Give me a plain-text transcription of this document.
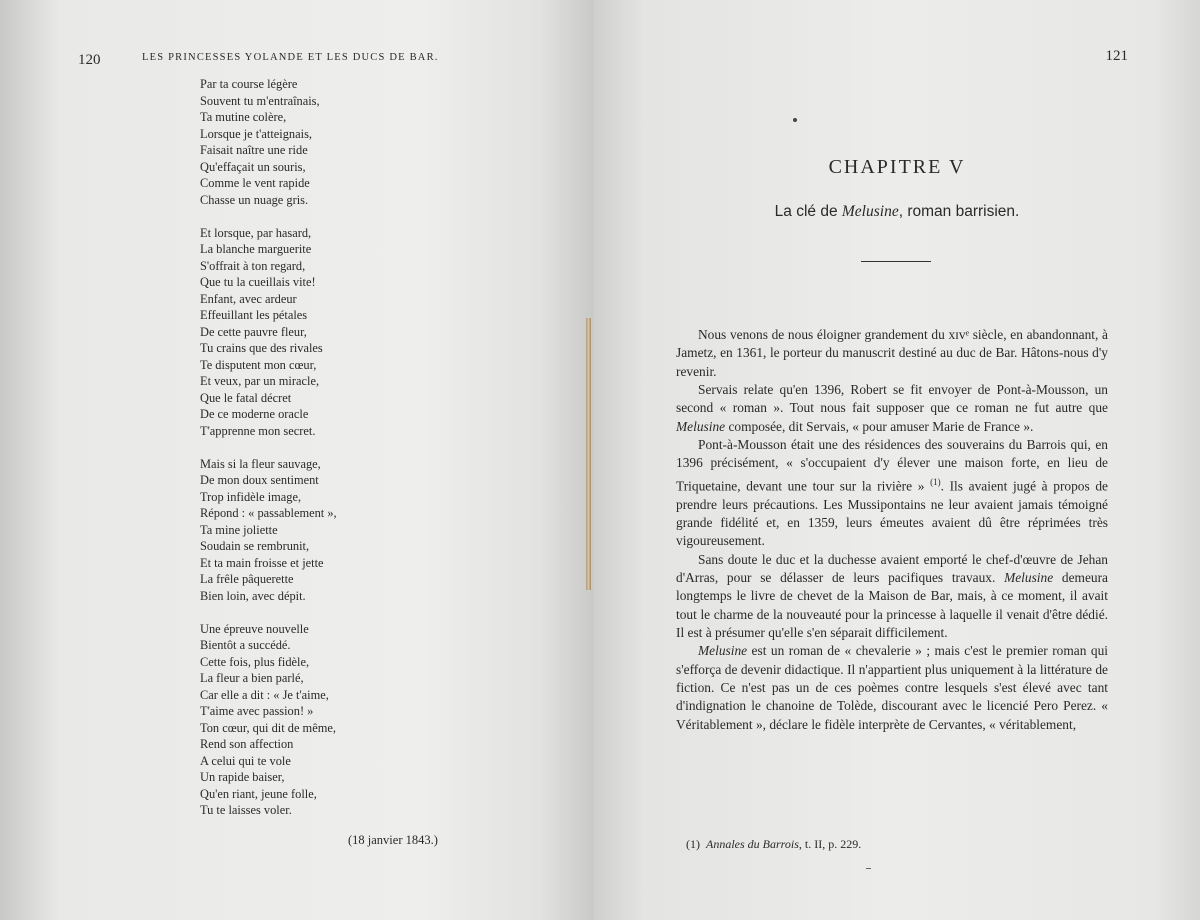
120	LES PRINCESSES YOLANDE ET LES DUCS DE BAR.
Par ta course légère
Souvent tu m'entraînais,
Ta mutine colère,
Lorsque je t'atteignais,
Faisait naître une ride
Qu'effaçait un souris,
Comme le vent rapide
Chasse un nuage gris.
Et lorsque, par hasard,
La blanche marguerite
S'offrait à ton regard,
Que tu la cueillais vite!
Enfant, avec ardeur
Effeuillant les pétales
De cette pauvre fleur,
Tu crains que des rivales
Te disputent mon cœur,
Et veux, par un miracle,
Que le fatal décret
De ce moderne oracle
T'apprenne mon secret.
Mais si la fleur sauvage,
De mon doux sentiment
Trop infidèle image,
Répond : « passablement »,
Ta mine joliette
Soudain se rembrunit,
Et ta main froisse et jette
La frêle pâquerette
Bien loin, avec dépit.
Une épreuve nouvelle
Bientôt a succédé.
Cette fois, plus fidèle,
La fleur a bien parlé,
Car elle a dit : « Je t'aime,
T'aime avec passion! »
Ton cœur, qui dit de même,
Rend son affection
A celui qui te vole
Un rapide baiser,
Qu'en riant, jeune folle,
Tu te laisses voler.
(18 janvier 1843.)
121
CHAPITRE V
La clé de Melusine, roman barrisien.

Nous venons de nous éloigner grandement du xɪvᵉ siècle, en abandonnant, à Jametz, en 1361, le porteur du manuscrit destiné au duc de Bar. Hâtons-nous d'y revenir.

Servais relate qu'en 1396, Robert se fit envoyer de Pont-à-Mousson, un second « roman ». Tout nous fait supposer que ce roman ne fut autre que Melusine composée, dit Servais, « pour amuser Marie de France ».

Pont-à-Mousson était une des résidences des souverains du Barrois qui, en 1396 précisément, « s'occupaient d'y élever une maison forte, en lieu de Triquetaine, devant une tour sur la rivière » $^{(1)}$. Ils avaient jugé à propos de prendre leurs précautions. Les Mussipontains ne leur avaient jamais témoigné grande fidélité et, en 1359, leurs émeutes avaient dû être réprimées très vigoureusement.

Sans doute le duc et la duchesse avaient emporté le chef-d'œuvre de Jehan d'Arras, pour se délasser de leurs pacifiques travaux. Melusine demeura longtemps le livre de chevet de la Maison de Bar, mais, à ce moment, il avait tout le charme de la nouveauté pour la princesse à laquelle il venait d'être dédié. Il est à présumer qu'elle s'en séparait difficilement.

Melusine est un roman de « chevalerie » ; mais c'est le premier roman qui s'efforça de devenir didactique. Il n'appartient plus uniquement à la littérature de fiction. Ce n'est pas un de ces poèmes contre lesquels s'est élevé avec tant d'indignation le chanoine de Tolède, discourant avec le licencié Pero Perez. « Véritablement », déclare le fidèle interprète de Cervantes, « véritablement,

(1) Annales du Barrois, t. II, p. 229.
